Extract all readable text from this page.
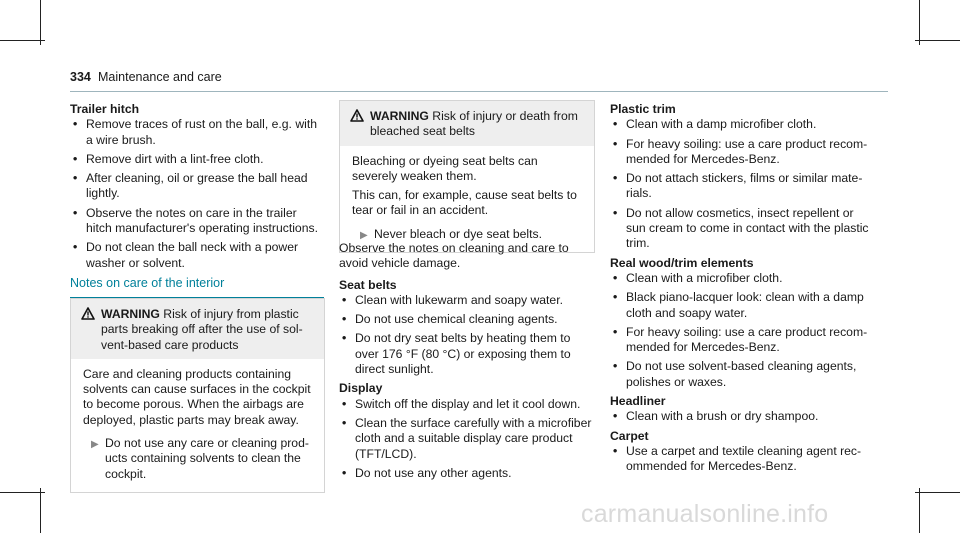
334 Maintenance and care

Trailer hitch

• Remove traces of rust on the ball, e.g. with a wire brush.
• Remove dirt with a lint-free cloth.
• After cleaning, oil or grease the ball head lightly.
• Observe the notes on care in the trailer hitch manufacturer's operating instructions.
• Do not clean the ball neck with a power washer or solvent.

Notes on care of the interior

WARNING Risk of injury from plastic parts breaking off after the use of solvent-based care products
Care and cleaning products containing solvents can cause surfaces in the cockpit to become porous. When the airbags are deployed, plastic parts may break away.
▶ Do not use any care or cleaning products containing solvents to clean the cockpit.
WARNING Risk of injury or death from bleached seat belts
Bleaching or dyeing seat belts can severely weaken them.
This can, for example, cause seat belts to tear or fail in an accident.
▶ Never bleach or dye seat belts.
Observe the notes on cleaning and care to avoid vehicle damage.

Seat belts

• Clean with lukewarm and soapy water.
• Do not use chemical cleaning agents.
• Do not dry seat belts by heating them to over 176 °F (80 °C) or exposing them to direct sunlight.

Display

• Switch off the display and let it cool down.
• Clean the surface carefully with a microfiber cloth and a suitable display care product (TFT/LCD).
• Do not use any other agents.

Plastic trim

• Clean with a damp microfiber cloth.
• For heavy soiling: use a care product recommended for Mercedes-Benz.
• Do not attach stickers, films or similar materials.
• Do not allow cosmetics, insect repellent or sun cream to come in contact with the plastic trim.

Real wood/trim elements

• Clean with a microfiber cloth.
• Black piano-lacquer look: clean with a damp cloth and soapy water.
• For heavy soiling: use a care product recommended for Mercedes-Benz.
• Do not use solvent-based cleaning agents, polishes or waxes.

Headliner

• Clean with a brush or dry shampoo.

Carpet

• Use a carpet and textile cleaning agent recommended for Mercedes-Benz.
carmanualsonline.info
